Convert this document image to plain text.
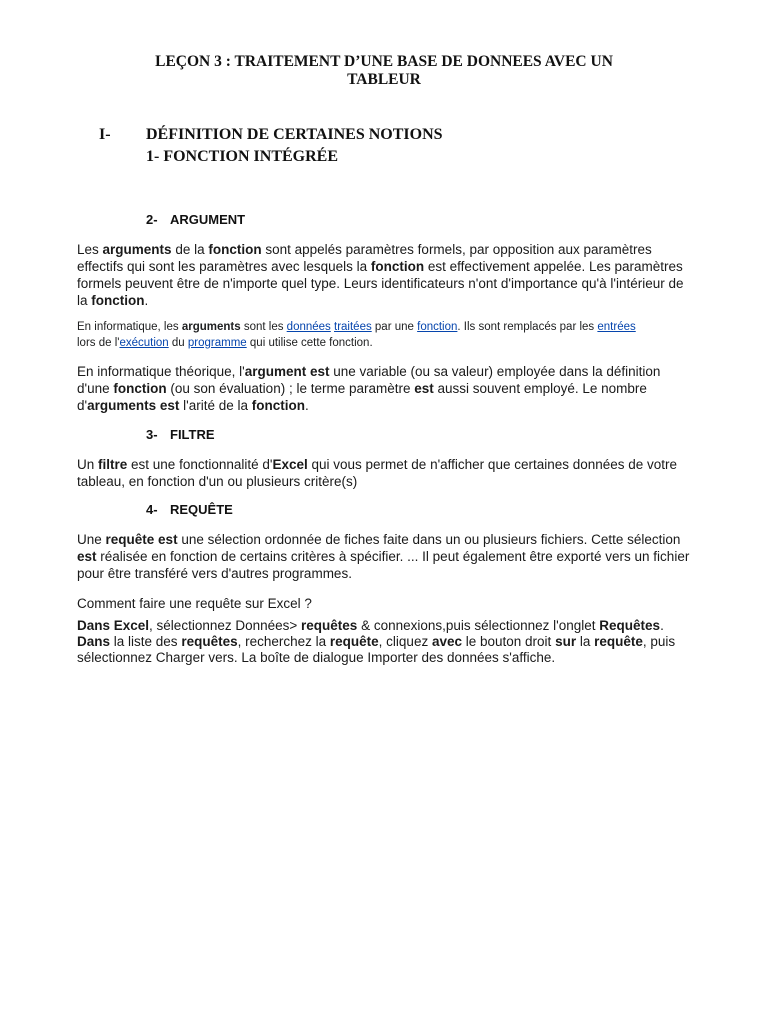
LEÇON 3 : TRAITEMENT D’UNE BASE DE DONNEES AVEC UN
TABLEUR
I- DÉFINITION DE CERTAINES NOTIONS
1- FONCTION INTÉGRÉE
2- ARGUMENT
Les arguments de la fonction sont appelés paramètres formels, par opposition aux paramètres effectifs qui sont les paramètres avec lesquels la fonction est effectivement appelée. Les paramètres formels peuvent être de n'importe quel type. Leurs identificateurs n'ont d'importance qu'à l'intérieur de la fonction.
En informatique, les arguments sont les données traitées par une fonction. Ils sont remplacés par les entrées lors de l'exécution du programme qui utilise cette fonction.
En informatique théorique, l'argument est une variable (ou sa valeur) employée dans la définition d'une fonction (ou son évaluation) ; le terme paramètre est aussi souvent employé. Le nombre d'arguments est l'arité de la fonction.
3- FILTRE
Un filtre est une fonctionnalité d'Excel qui vous permet de n'afficher que certaines données de votre tableau, en fonction d'un ou plusieurs critère(s)
4- REQUÊTE
Une requête est une sélection ordonnée de fiches faite dans un ou plusieurs fichiers. Cette sélection est réalisée en fonction de certains critères à spécifier. ... Il peut également être exporté vers un fichier pour être transféré vers d'autres programmes.
Comment faire une requête sur Excel ?
Dans Excel, sélectionnez Données> requêtes & connexions,puis sélectionnez l'onglet Requêtes. Dans la liste des requêtes, recherchez la requête, cliquez avec le bouton droit sur la requête, puis sélectionnez Charger vers. La boîte de dialogue Importer des données s'affiche.
